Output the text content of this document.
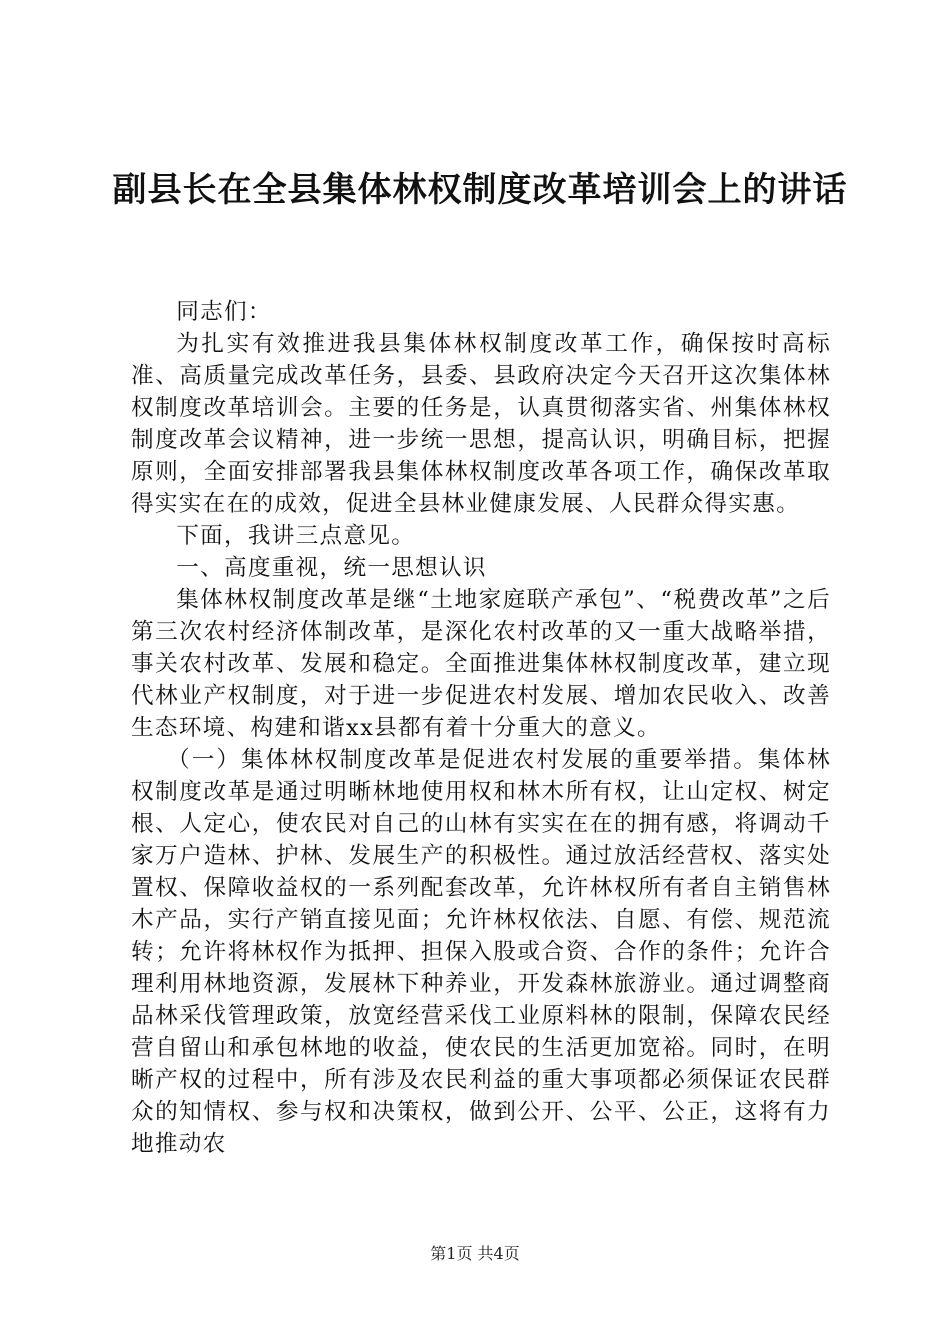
副县长在全县集体林权制度改革培训会上的讲话

同志们：

为扎实有效推进我县集体林权制度改革工作，确保按时高标准、高质量完成改革任务，县委、县政府决定今天召开这次集体林权制度改革培训会。主要的任务是，认真贯彻落实省、州集体林权制度改革会议精神，进一步统一思想，提高认识，明确目标，把握原则，全面安排部署我县集体林权制度改革各项工作，确保改革取得实实在在的成效，促进全县林业健康发展、人民群众得实惠。

下面，我讲三点意见。

一、高度重视，统一思想认识

集体林权制度改革是继“土地家庭联产承包”、“税费改革”之后第三次农村经济体制改革，是深化农村改革的又一重大战略举措，事关农村改革、发展和稳定。全面推进集体林权制度改革，建立现代林业产权制度，对于进一步促进农村发展、增加农民收入、改善生态环境、构建和谐xx县都有着十分重大的意义。

（一）集体林权制度改革是促进农村发展的重要举措。集体林权制度改革是通过明晰林地使用权和林木所有权，让山定权、树定根、人定心，使农民对自己的山林有实实在在的拥有感，将调动千家万户造林、护林、发展生产的积极性。通过放活经营权、落实处置权、保障收益权的一系列配套改革，允许林权所有者自主销售林木产品，实行产销直接见面；允许林权依法、自愿、有偿、规范流转；允许将林权作为抵押、担保入股或合资、合作的条件；允许合理利用林地资源，发展林下种养业，开发森林旅游业。通过调整商品林采伐管理政策，放宽经营采伐工业原料林的限制，保障农民经营自留山和承包林地的收益，使农民的生活更加宽裕。同时，在明晰产权的过程中，所有涉及农民利益的重大事项都必须保证农民群众的知情权、参与权和决策权，做到公开、公平、公正，这将有力地推动农

第1页 共4页
